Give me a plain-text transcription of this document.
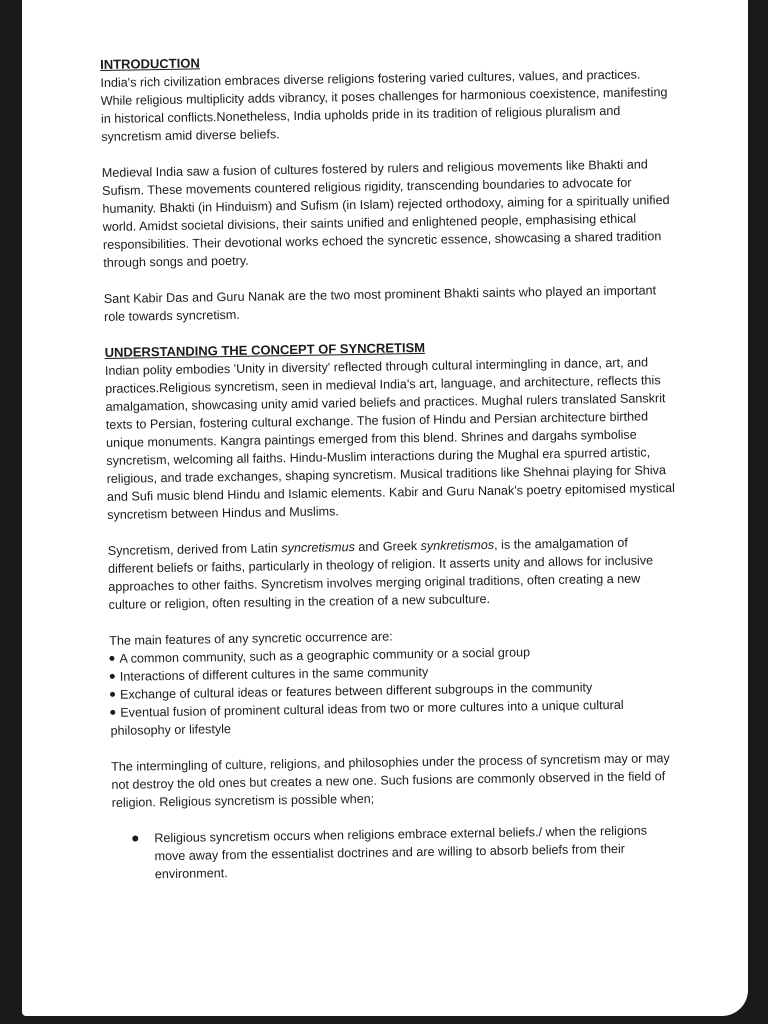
INTRODUCTION

India's rich civilization embraces diverse religions fostering varied cultures, values, and practices. While religious multiplicity adds vibrancy, it poses challenges for harmonious coexistence, manifesting in historical conflicts.Nonetheless, India upholds pride in its tradition of religious pluralism and syncretism amid diverse beliefs.

Medieval India saw a fusion of cultures fostered by rulers and religious movements like Bhakti and Sufism. These movements countered religious rigidity, transcending boundaries to advocate for humanity. Bhakti (in Hinduism) and Sufism (in Islam) rejected orthodoxy, aiming for a spiritually unified world. Amidst societal divisions, their saints unified and enlightened people, emphasising ethical responsibilities. Their devotional works echoed the syncretic essence, showcasing a shared tradition through songs and poetry.

Sant Kabir Das and Guru Nanak are the two most prominent Bhakti saints who played an important role towards syncretism.

UNDERSTANDING THE CONCEPT OF SYNCRETISM

Indian polity embodies 'Unity in diversity' reflected through cultural intermingling in dance, art, and practices.Religious syncretism, seen in medieval India's art, language, and architecture, reflects this amalgamation, showcasing unity amid varied beliefs and practices. Mughal rulers translated Sanskrit texts to Persian, fostering cultural exchange. The fusion of Hindu and Persian architecture birthed unique monuments. Kangra paintings emerged from this blend. Shrines and dargahs symbolise syncretism, welcoming all faiths. Hindu-Muslim interactions during the Mughal era spurred artistic, religious, and trade exchanges, shaping syncretism. Musical traditions like Shehnai playing for Shiva and Sufi music blend Hindu and Islamic elements. Kabir and Guru Nanak's poetry epitomised mystical syncretism between Hindus and Muslims.

Syncretism, derived from Latin syncretismus and Greek synkretismos, is the amalgamation of different beliefs or faiths, particularly in theology of religion. It asserts unity and allows for inclusive approaches to other faiths. Syncretism involves merging original traditions, often creating a new culture or religion, often resulting in the creation of a new subculture.

The main features of any syncretic occurrence are:

A common community, such as a geographic community or a social group
Interactions of different cultures in the same community
Exchange of cultural ideas or features between different subgroups in the community
Eventual fusion of prominent cultural ideas from two or more cultures into a unique cultural philosophy or lifestyle

The intermingling of culture, religions, and philosophies under the process of syncretism may or may not destroy the old ones but creates a new one. Such fusions are commonly observed in the field of religion. Religious syncretism is possible when;

Religious syncretism occurs when religions embrace external beliefs./ when the religions move away from the essentialist doctrines and are willing to absorb beliefs from their environment.
